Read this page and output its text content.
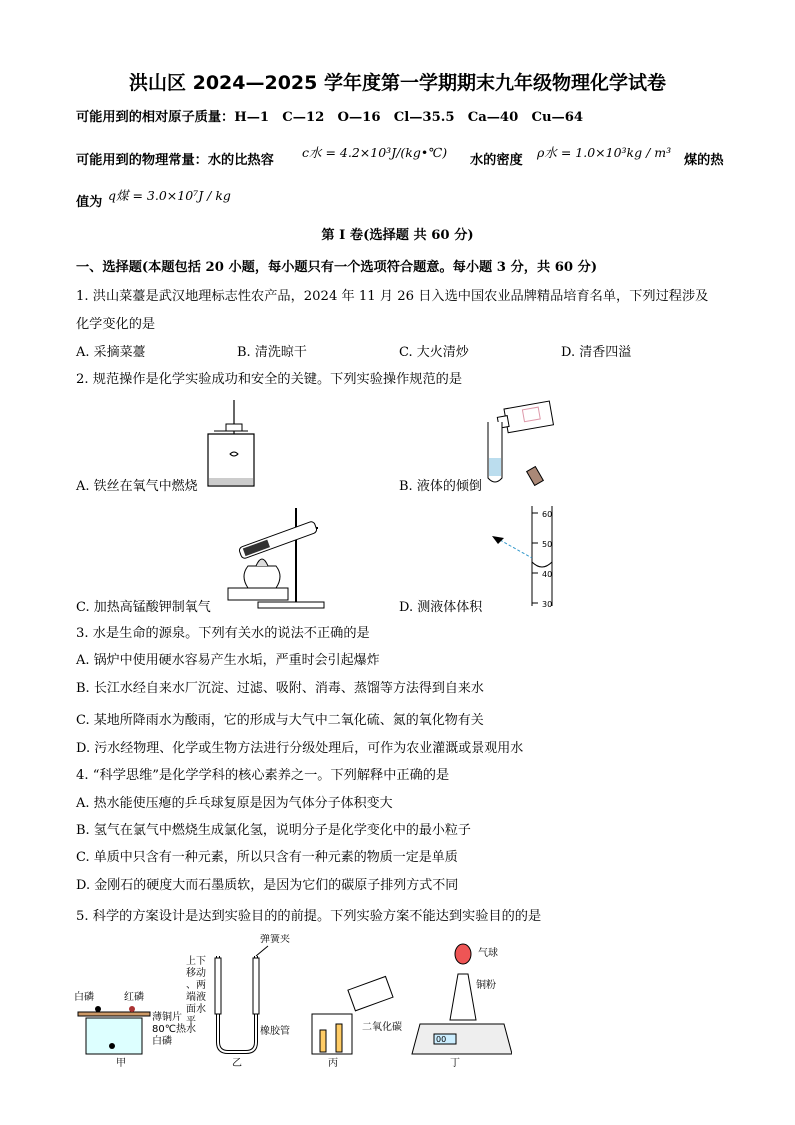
洪山区 2024—2025 学年度第一学期期末九年级物理化学试卷
可能用到的相对原子质量：H—1　C—12　O—16　Cl—35.5　Ca—40　Cu—64
可能用到的物理常量：水的比热容
c水 = 4.2×10³J/(kg•℃)
水的密度
ρ水 = 1.0×10³kg / m³
煤的热
值为 q煤 = 3.0×10⁷J / kg
第 I 卷(选择题 共 60 分)
一、选择题(本题包括 20 小题，每小题只有一个选项符合题意。每小题 3 分，共 60 分)
1. 洪山菜薹是武汉地理标志性农产品，2024 年 11 月 26 日入选中国农业品牌精品培育名单，下列过程涉及
化学变化的是
A. 采摘菜薹	B. 清洗晾干	C. 大火清炒	D. 清香四溢
2. 规范操作是化学实验成功和安全的关键。下列实验操作规范的是
A. 铁丝在氧气中燃烧	B. 液体的倾倒
C. 加热高锰酸钾制氧气
60
50
40
30
D. 测液体体积
3. 水是生命的源泉。下列有关水的说法不正确的是
A. 锅炉中使用硬水容易产生水垢，严重时会引起爆炸
B. 长江水经自来水厂沉淀、过滤、吸附、消毒、蒸馏等方法得到自来水
C. 某地所降雨水为酸雨，它的形成与大气中二氧化硫、氮的氧化物有关
D. 污水经物理、化学或生物方法进行分级处理后，可作为农业灌溉或景观用水
4. “科学思维”是化学学科的核心素养之一。下列解释中正确的是
A. 热水能使压瘪的乒乓球复原是因为气体分子体积变大
B. 氢气在氯气中燃烧生成氯化氢，说明分子是化学变化中的最小粒子
C. 单质中只含有一种元素，所以只含有一种元素的物质一定是单质
D. 金刚石的硬度大而石墨质软，是因为它们的碳原子排列方式不同
5. 科学的方案设计是达到实验目的的前提。下列实验方案不能达到实验目的的是
白磷	红磷
薄铜片
80℃热水
白磷
甲
上下
移动
、两
端液
面水
平
弹簧夹
橡胶管
乙
二氧化碳
丙
00
气球
铜粉
丁
